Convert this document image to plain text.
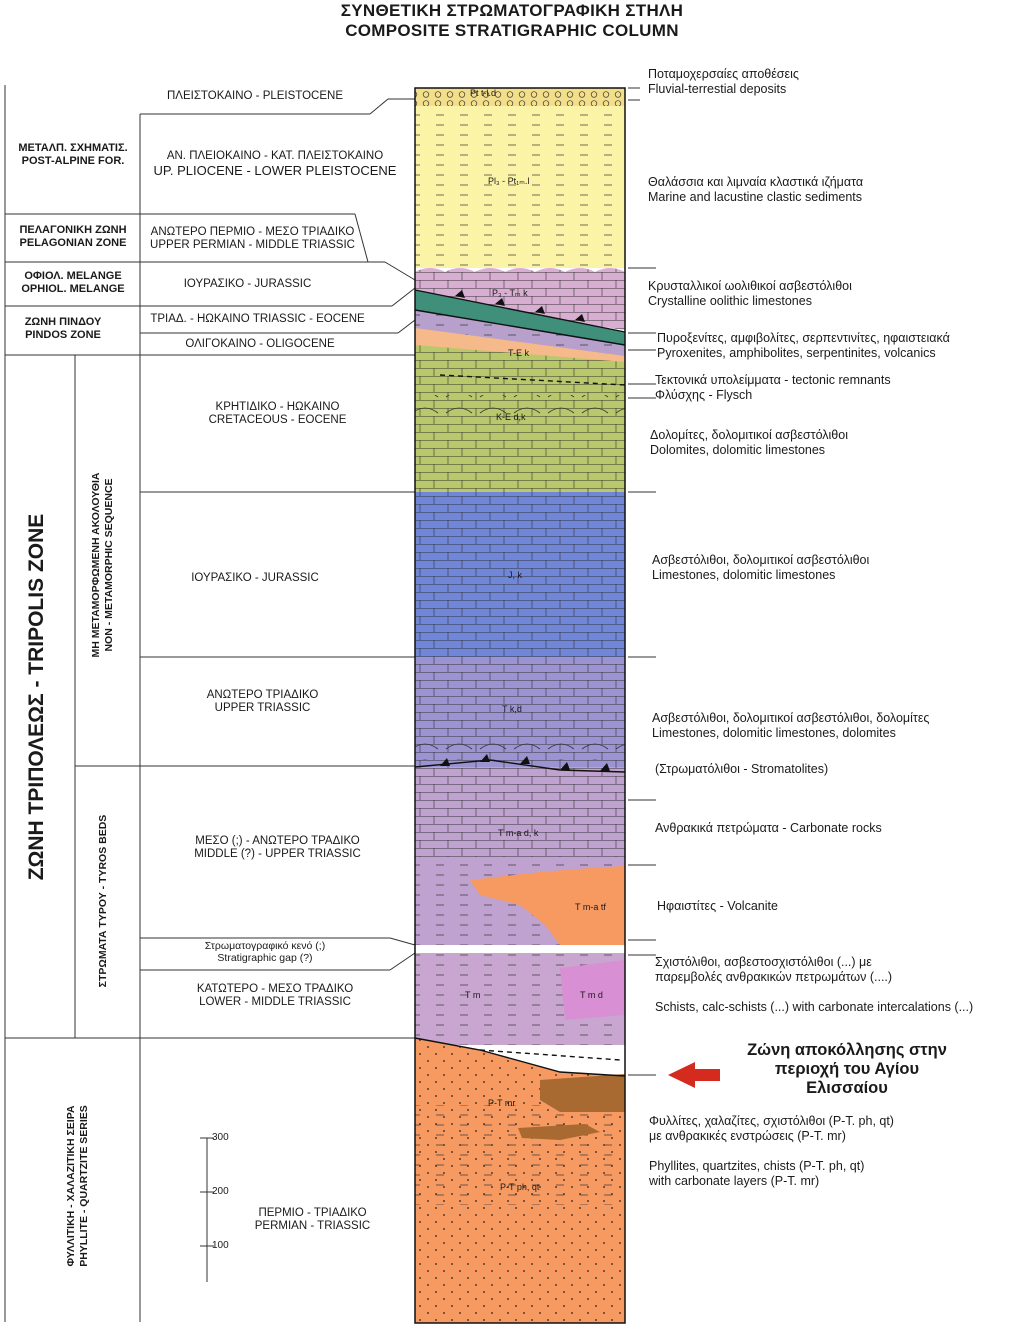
ΣΥΝΘΕΤΙΚΗ ΣΤΡΩΜΑΤΟΓΡΑΦΙΚΗ ΣΤΗΛΗ
COMPOSITE STRATIGRAPHIC COLUMN
ΜΕΤΑΛΠ. ΣΧΗΜΑΤΙΣ.
POST-ALPINE FOR.
ΠΕΛΑΓΟΝΙΚΗ ΖΩΝΗ
PELAGONIAN ZONE
ΟΦΙΟΛ. MELANGE
OPHIOL. MELANGE
ΖΩΝΗ ΠΙΝΔΟΥ
PINDOS ZONE
ΖΩΝΗ ΤΡΙΠΟΛΕΩΣ - TRIPOLIS ZONE	ΜΗ ΜΕΤΑΜΟΡΦΩΜΕΝΗ ΑΚΟΛΟΥΘΙΑ
NON - METAMORPHIC SEQUENCE
ΣΤΡΩΜΑΤΑ ΤΥΡΟΥ - TYROS BEDS
ΦΥΛΛΙΤΙΚΗ - ΧΑΛΑΖΙΤΙΚΗ ΣΕΙΡΑ
PHYLLITE - QUARTZITE SERIES
ΠΛΕΙΣΤΟΚΑΙΝΟ - PLEISTOCENE
ΑΝ. ΠΛΕΙΟΚΑΙΝΟ - ΚΑΤ. ΠΛΕΙΣΤΟΚΑΙΝΟ
UP. PLIOCENE - LOWER PLEISTOCENE
ΑΝΩΤΕΡΟ ΠΕΡΜΙΟ - ΜΕΣΟ ΤΡΙΑΔΙΚΟ
UPPER PERMIAN - MIDDLE TRIASSIC
ΙΟΥΡΑΣΙΚΟ - JURASSIC
ΤΡΙΑΔ. - ΗΩΚΑΙΝΟ TRIASSIC - EOCENE
ΟΛΙΓΟΚΑΙΝΟ - OLIGOCENE
ΚΡΗΤΙΔΙΚΟ - ΗΩΚΑΙΝΟ
CRETACEOUS - EOCENE
ΙΟΥΡΑΣΙΚΟ - JURASSIC
ΑΝΩΤΕΡΟ ΤΡΙΑΔΙΚΟ
UPPER TRIASSIC
ΜΕΣΟ (;) - ΑΝΩΤΕΡΟ ΤΡΑΔΙΚΟ
MIDDLE (?) - UPPER TRIASSIC
Στρωματογραφικό κενό (;)
Stratigraphic gap (?)
ΚΑΤΩΤΕΡΟ - ΜΕΣΟ ΤΡΑΔΙΚΟ
LOWER - MIDDLE TRIASSIC
ΠΕΡΜΙΟ - ΤΡΙΑΔΙΚΟ
PERMIAN - TRIASSIC
300
200
100
Pt t-l.d
Pl₃ - Pt₁ₘ.l
P₃ - Tₘ k
T-E k
K-E d,k
J, k
T k,d
T m-a d, k
T m-a tf
T m	T m d
P-T mr
P-T ph, qt
Ποταμοχερσαίες αποθέσεις
Fluvial-terrestial deposits
Θαλάσσια και λιμναία κλαστικά ιζήματα
Marine and lacustine clastic sediments
Κρυσταλλικοί ωολιθικοί ασβεστόλιθοι
Crystalline oolithic limestones
Πυροξενίτες, αμφιβολίτες, σερπεντινίτες, ηφαιστειακά
Pyroxenites, amphibolites, serpentinites, volcanics
Τεκτονικά υπολείμματα - tectonic remnants
Φλύσχης - Flysch
Δολομίτες, δολομιτικοί ασβεστόλιθοι
Dolomites, dolomitic limestones
Ασβεστόλιθοι, δολομιτικοί ασβεστόλιθοι
Limestones, dolomitic limestones
Ασβεστόλιθοι, δολομιτικοί ασβεστόλιθοι, δολομίτες
Limestones, dolomitic limestones, dolomites
(Στρωματόλιθοι - Stromatolites)
Ανθρακικά πετρώματα - Carbonate rocks
Ηφαιστίτες - Volcanite
Σχιστόλιθοι, ασβεστοσχιστόλιθοι (...) με
παρεμβολές ανθρακικών πετρωμάτων (....)
Schists, calc-schists (...) with carbonate intercalations (...)
Ζώνη αποκόλλησης στην
περιοχή του Αγίου
Ελισσαίου
Φυλλίτες, χαλαζίτες, σχιστόλιθοι (P-T. ph, qt)
με ανθρακικές ενστρώσεις (P-T. mr)
Phyllites, quartzites, chists (P-T. ph, qt)
with carbonate layers (P-T. mr)
